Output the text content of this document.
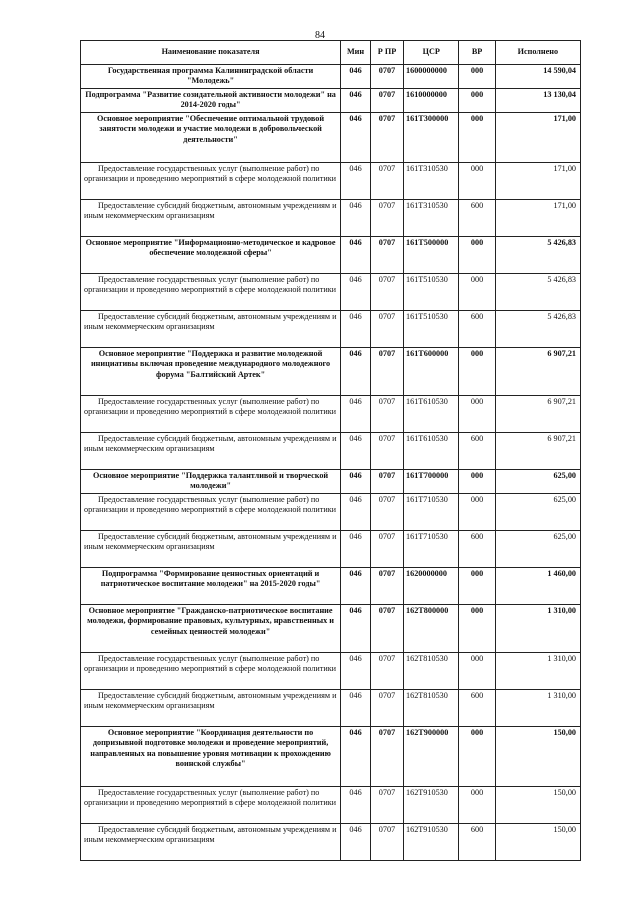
84
Наименование показателя	Мин	Р ПР	ЦСР	ВР	Исполнено
Государственная программа Калининградской области "Молодежь"	046	0707	1600000000	000	14 590,04
Подпрограмма "Развитие созидательной активности молодежи" на 2014-2020 годы"	046	0707	1610000000	000	13 130,04
Основное мероприятие "Обеспечение оптимальной трудовой занятости молодежи и участие молодежи в добровольческой деятельности"	046	0707	161Т300000	000	171,00
Предоставление государственных услуг (выполнение работ) по организации и проведению мероприятий в сфере молодежной политики	046	0707	161Т310530	000	171,00
Предоставление субсидий бюджетным, автономным учреждениям и иным некоммерческим организациям	046	0707	161Т310530	600	171,00
Основное мероприятие "Информационно-методическое и кадровое обеспечение молодежной сферы"	046	0707	161Т500000	000	5 426,83
Предоставление государственных услуг (выполнение работ) по организации и проведению мероприятий в сфере молодежной политики	046	0707	161Т510530	000	5 426,83
Предоставление субсидий бюджетным, автономным учреждениям и иным некоммерческим организациям	046	0707	161Т510530	600	5 426,83
Основное мероприятие "Поддержка и развитие молодежной инициативы включая проведение международного молодежного форума "Балтийский Артек"	046	0707	161Т600000	000	6 907,21
Предоставление государственных услуг (выполнение работ) по организации и проведению мероприятий в сфере молодежной политики	046	0707	161Т610530	000	6 907,21
Предоставление субсидий бюджетным, автономным учреждениям и иным некоммерческим организациям	046	0707	161Т610530	600	6 907,21
Основное мероприятие "Поддержка талантливой и творческой молодежи"	046	0707	161Т700000	000	625,00
Предоставление государственных услуг (выполнение работ) по организации и проведению мероприятий в сфере молодежной политики	046	0707	161Т710530	000	625,00
Предоставление субсидий бюджетным, автономным учреждениям и иным некоммерческим организациям	046	0707	161Т710530	600	625,00
Подпрограмма "Формирование ценностных ориентаций и патриотическое воспитание молодежи" на 2015-2020 годы"	046	0707	1620000000	000	1 460,00
Основное мероприятие "Гражданско-патриотическое воспитание молодежи, формирование правовых, культурных, нравственных и семейных ценностей молодежи"	046	0707	162Т800000	000	1 310,00
Предоставление государственных услуг (выполнение работ) по организации и проведению мероприятий в сфере молодежной политики	046	0707	162Т810530	000	1 310,00
Предоставление субсидий бюджетным, автономным учреждениям и иным некоммерческим организациям	046	0707	162Т810530	600	1 310,00
Основное мероприятие "Координация деятельности по допризывной подготовке молодежи и проведение мероприятий, направленных на повышение уровня мотивации к прохождению воинской службы"	046	0707	162Т900000	000	150,00
Предоставление государственных услуг (выполнение работ) по организации и проведению мероприятий в сфере молодежной политики	046	0707	162Т910530	000	150,00
Предоставление субсидий бюджетным, автономным учреждениям и иным некоммерческим организациям	046	0707	162Т910530	600	150,00
